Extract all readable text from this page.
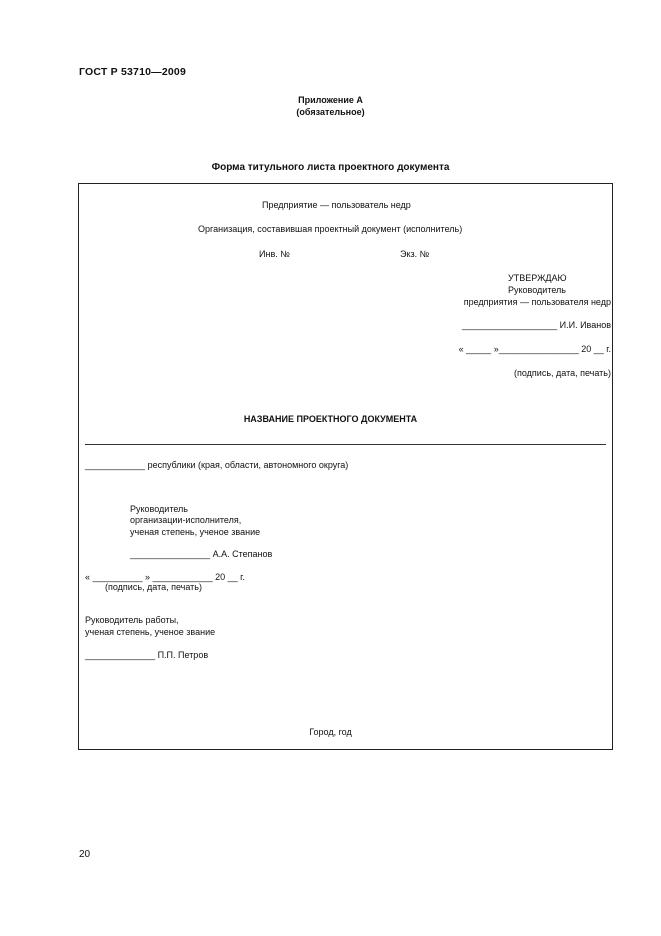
ГОСТ Р 53710—2009
Приложение А
(обязательное)
Форма титульного листа проектного документа
Предприятие — пользователь недр
Организация, составившая проектный документ (исполнитель)
Инв. №	Экз. №
УТВЕРЖДАЮ
Руководитель
предприятия — пользователя недр
___________________ И.И. Иванов
« _____ »________________ 20 __ г.
(подпись, дата, печать)
НАЗВАНИЕ ПРОЕКТНОГО ДОКУМЕНТА
____________ республики (края, области, автономного округа)
Руководитель
организации-исполнителя,
ученая степень, ученое звание
________________ А.А. Степанов
« __________ » ____________ 20 __ г.
(подпись, дата, печать)
Руководитель работы,
ученая степень, ученое звание
______________ П.П. Петров
Город, год
20
